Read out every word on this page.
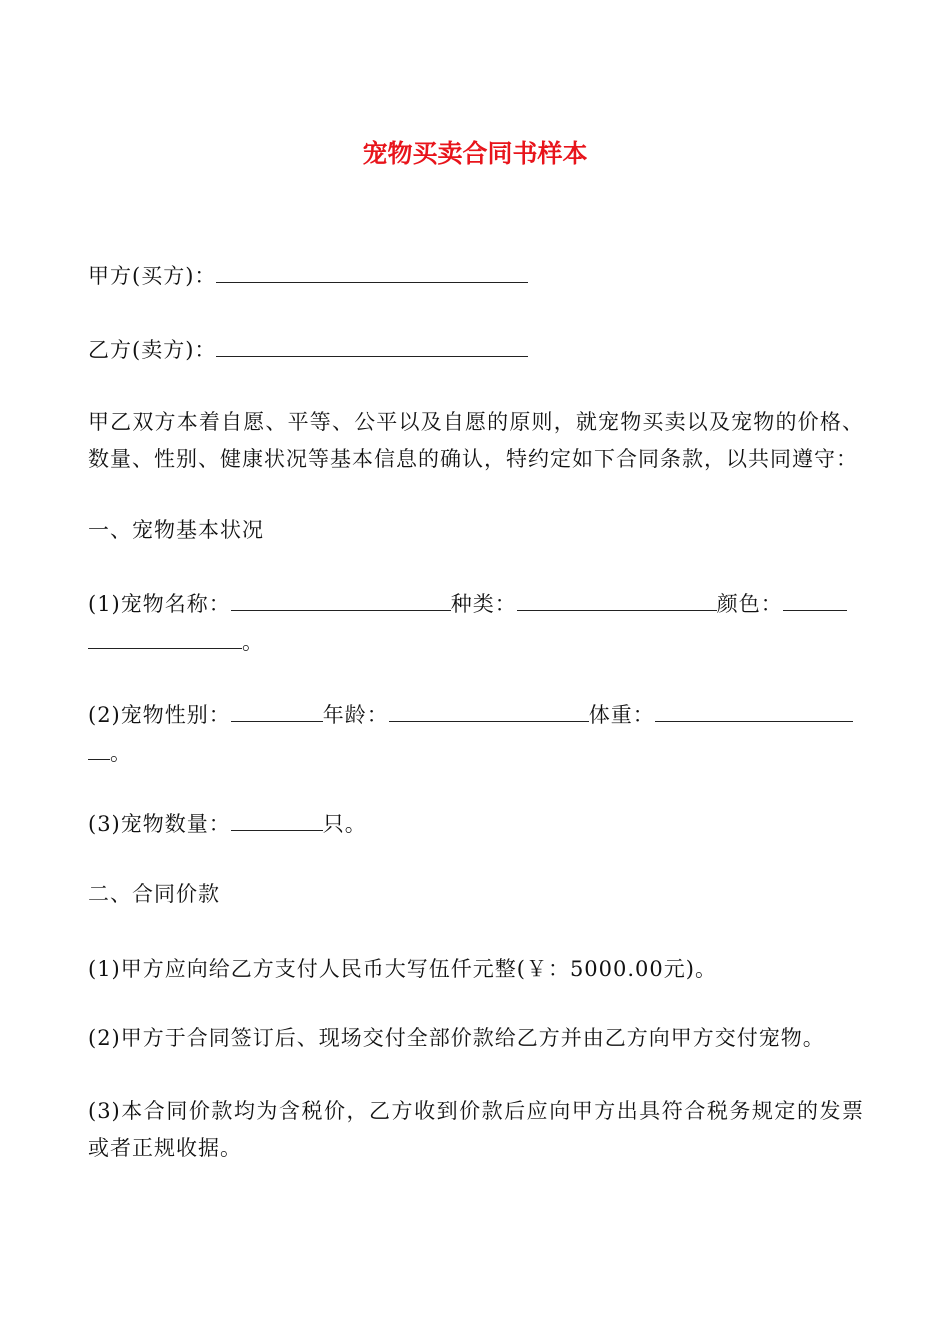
宠物买卖合同书样本
甲方(买方)：
乙方(卖方)：
甲乙双方本着自愿、平等、公平以及自愿的原则，就宠物买卖以及宠物的价格、
数量、性别、健康状况等基本信息的确认，特约定如下合同条款，以共同遵守：
一、宠物基本状况
(1)宠物名称：	种类：	颜色：
。
(2)宠物性别：	年龄：	体重：
。
(3)宠物数量：	只。
二、合同价款
(1)甲方应向给乙方支付人民币大写伍仟元整(￥：5000.00元)。
(2)甲方于合同签订后、现场交付全部价款给乙方并由乙方向甲方交付宠物。
(3)本合同价款均为含税价，乙方收到价款后应向甲方出具符合税务规定的发票
或者正规收据。
